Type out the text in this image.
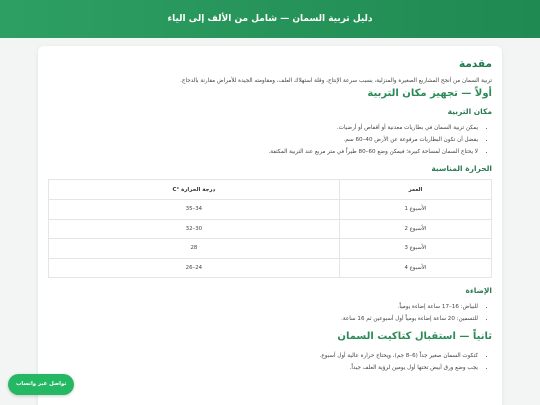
دليل تربية السمان — شامل من الألف إلى الياء
مقدمة

تربية السمان من أنجح المشاريع الصغيرة والمنزلية، بسبب سرعة الإنتاج، وقلة استهلاك العلف، ومقاومته الجيدة للأمراض مقارنة بالدجاج.

أولاً — تجهيز مكان التربية
مكان التربية
• يمكن تربية السمان في بطاريات معدنية أو أقفاص أو أرضيات.
• يفضل أن تكون البطاريات مرفوعة عن الأرض 40–60 سم.
• لا يحتاج السمان لمساحة كبيرة؛ فيمكن وضع 60–80 طيراً في متر مربع عند التربية المكثفة.
الحرارة المناسبة
العمر	درجة الحرارة °C
الأسبوع 1	34–35
الأسبوع 2	30–32
الأسبوع 3	28
الأسبوع 4	24–26
الإضاءة
• للبياض: 16–17 ساعة إضاءة يومياً.
• للتسمين: 20 ساعة إضاءة يومياً أول أسبوعين ثم 16 ساعة.
ثانياً — استقبال كتاكيت السمان
• كتكوت السمان صغير جداً (6–8 جم)، ويحتاج حرارة عالية أول أسبوع.
• يجب وضع ورق أبيض تحتها أول يومين لرؤية العلف جيداً.
تواصل عبر واتساب
